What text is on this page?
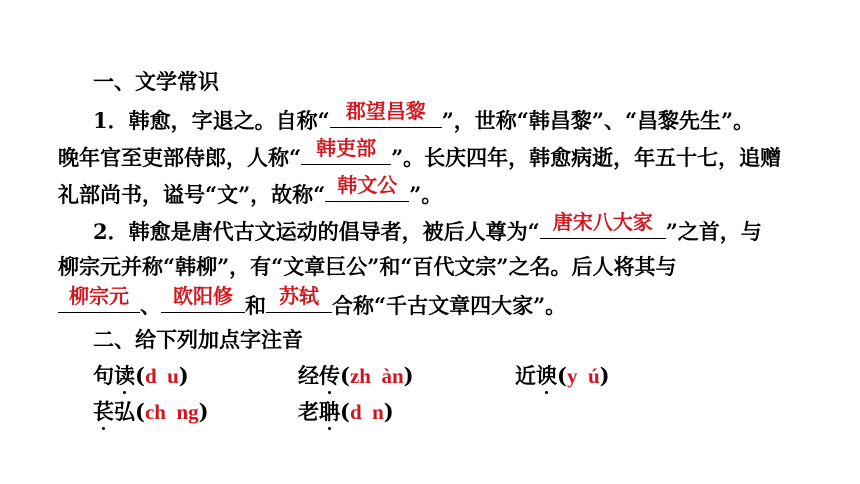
一、文学常识
1．韩愈，字退之。自称“ 郡望昌黎 ”，世称“韩昌黎”、“昌黎先生”。
晚年官至吏部侍郎，人称“ 韩吏部 ”。长庆四年，韩愈病逝，年五十七，追赠
礼部尚书，谥号“文”，故称“ 韩文公 ”。
2．韩愈是唐代古文运动的倡导者，被后人尊为“ 唐宋八大家 ”之首，与
柳宗元并称“韩柳”，有“文章巨公”和“百代文宗”之名。后人将其与
柳宗元 、 欧阳修 和 苏轼 合称“千古文章四大家”。
二、给下列加点字注音
句读(d  u)	经传(zh  àn)	近谀(y  ú)
苌弘(ch  ng)	老聃(d  n)
